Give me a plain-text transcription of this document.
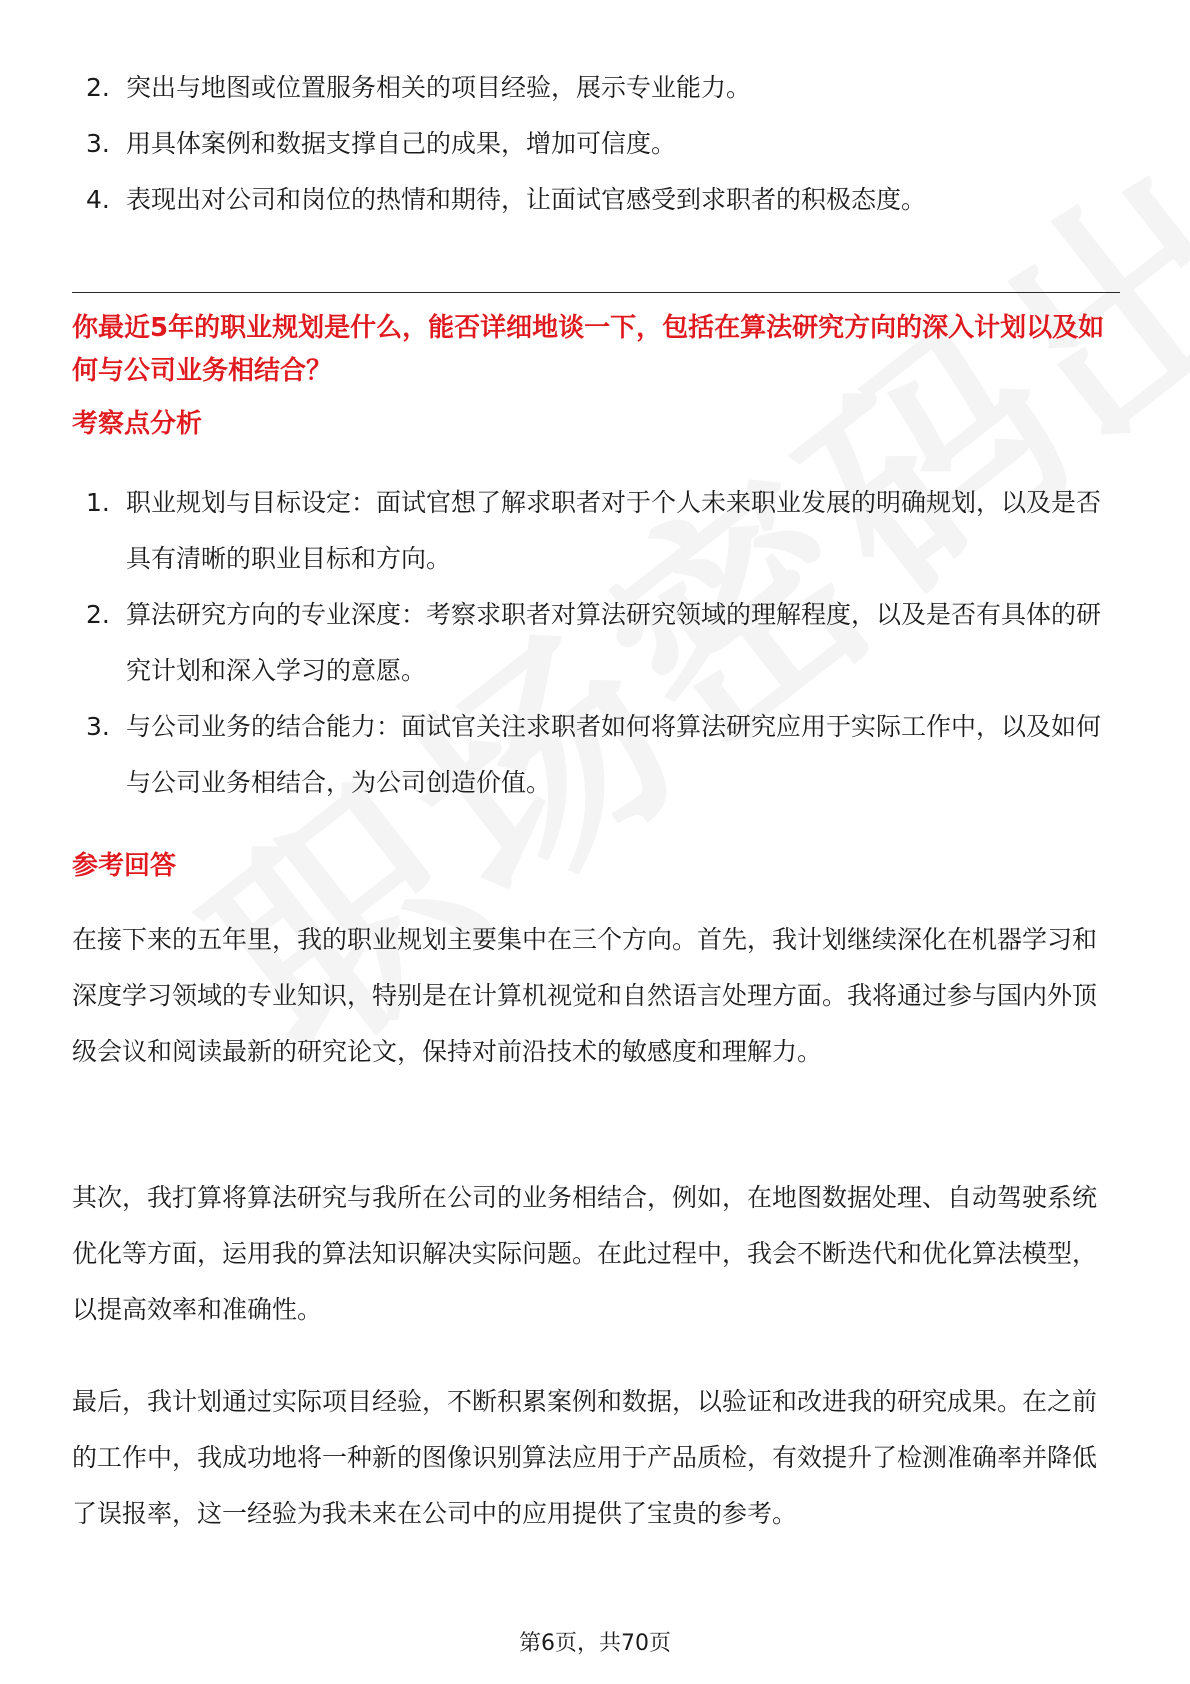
2. 突出与地图或位置服务相关的项目经验，展示专业能力。
3. 用具体案例和数据支撑自己的成果，增加可信度。
4. 表现出对公司和岗位的热情和期待，让面试官感受到求职者的积极态度。

你最近5年的职业规划是什么，能否详细地谈一下，包括在算法研究方向的深入计划以及如何与公司业务相结合？

考察点分析
1. 职业规划与目标设定：面试官想了解求职者对于个人未来职业发展的明确规划，以及是否具有清晰的职业目标和方向。
2. 算法研究方向的专业深度：考察求职者对算法研究领域的理解程度，以及是否有具体的研究计划和深入学习的意愿。
3. 与公司业务的结合能力：面试官关注求职者如何将算法研究应用于实际工作中，以及如何与公司业务相结合，为公司创造价值。
参考回答

在接下来的五年里，我的职业规划主要集中在三个方向。首先，我计划继续深化在机器学习和深度学习领域的专业知识，特别是在计算机视觉和自然语言处理方面。我将通过参与国内外顶级会议和阅读最新的研究论文，保持对前沿技术的敏感度和理解力。

其次，我打算将算法研究与我所在公司的业务相结合，例如，在地图数据处理、自动驾驶系统优化等方面，运用我的算法知识解决实际问题。在此过程中，我会不断迭代和优化算法模型，以提高效率和准确性。

最后，我计划通过实际项目经验，不断积累案例和数据，以验证和改进我的研究成果。在之前的工作中，我成功地将一种新的图像识别算法应用于产品质检，有效提升了检测准确率并降低了误报率，这一经验为我未来在公司中的应用提供了宝贵的参考。

第6页，共70页
